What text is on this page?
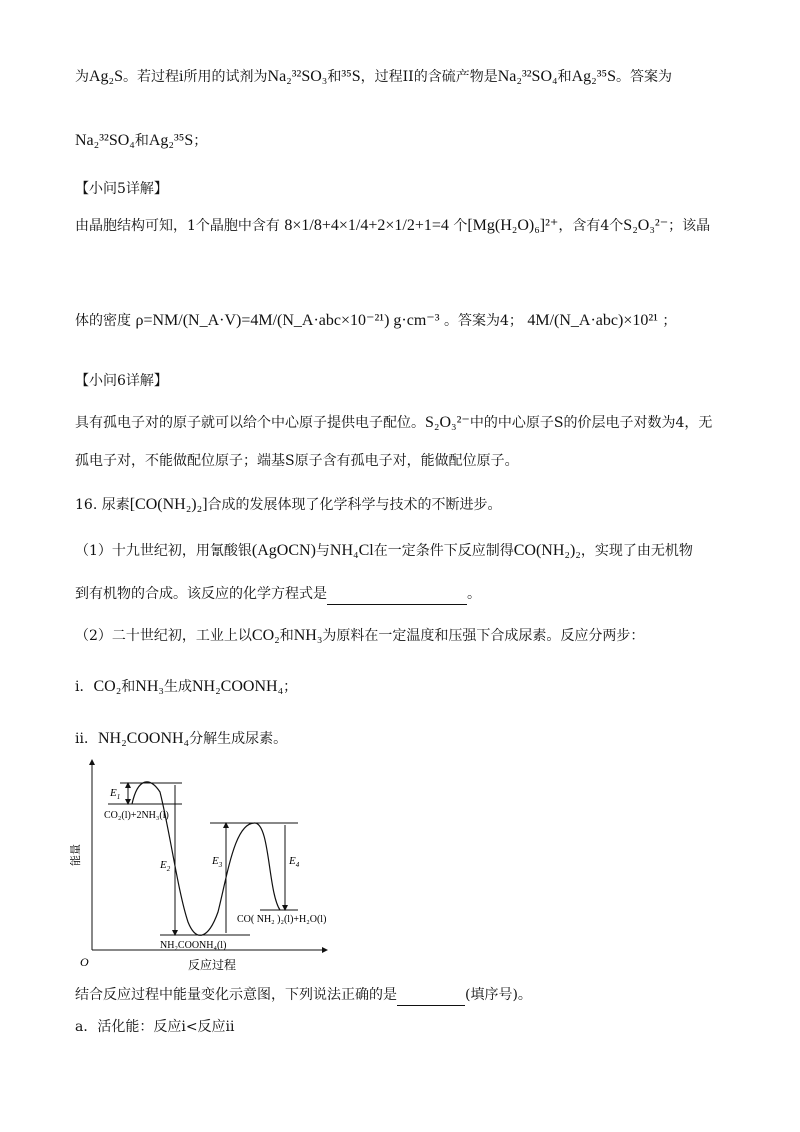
为Ag₂S。若过程i所用的试剂为Na₂³²SO₃和³⁵S，过程II的含硫产物是Na₂³²SO₄和Ag₂³⁵S。答案为
Na₂³²SO₄和Ag₂³⁵S；
【小问5详解】
由晶胞结构可知，1个晶胞中含有 8×1/8+4×1/4+2×1/2+1=4 个[Mg(H₂O)₆]²⁺，含有4个S₂O₃²⁻；该晶
体的密度 ρ=NM/(N_A·V)=4M/(N_A·abc×10⁻²¹) g·cm⁻³ 。答案为4； 4M/(N_A·abc)×10²¹ ；
【小问6详解】
具有孤电子对的原子就可以给个中心原子提供电子配位。S₂O₃²⁻中的中心原子S的价层电子对数为4，无
孤电子对，不能做配位原子；端基S原子含有孤电子对，能做配位原子。
16. 尿素[CO(NH₂)₂]合成的发展体现了化学科学与技术的不断进步。
（1）十九世纪初，用氰酸银(AgOCN)与NH₄Cl在一定条件下反应制得CO(NH₂)₂，实现了由无机物
到有机物的合成。该反应的化学方程式是	。
（2）二十世纪初，工业上以CO₂和NH₃为原料在一定温度和压强下合成尿素。反应分两步：
ⅰ．CO₂和NH₃生成NH₂COONH₄；
ⅱ．NH₂COONH₄分解生成尿素。
O	反应过程
能量
$E_1$
$E_2$
$E_3$	$E_4$
CO₂(l)+2NH₃(l)
NH₂COONH₄(l)
CO( NH₂ )₂(l)+H₂O(l)
结合反应过程中能量变化示意图，下列说法正确的是	(填序号)。
a．活化能：反应ⅰ<反应ⅱ
